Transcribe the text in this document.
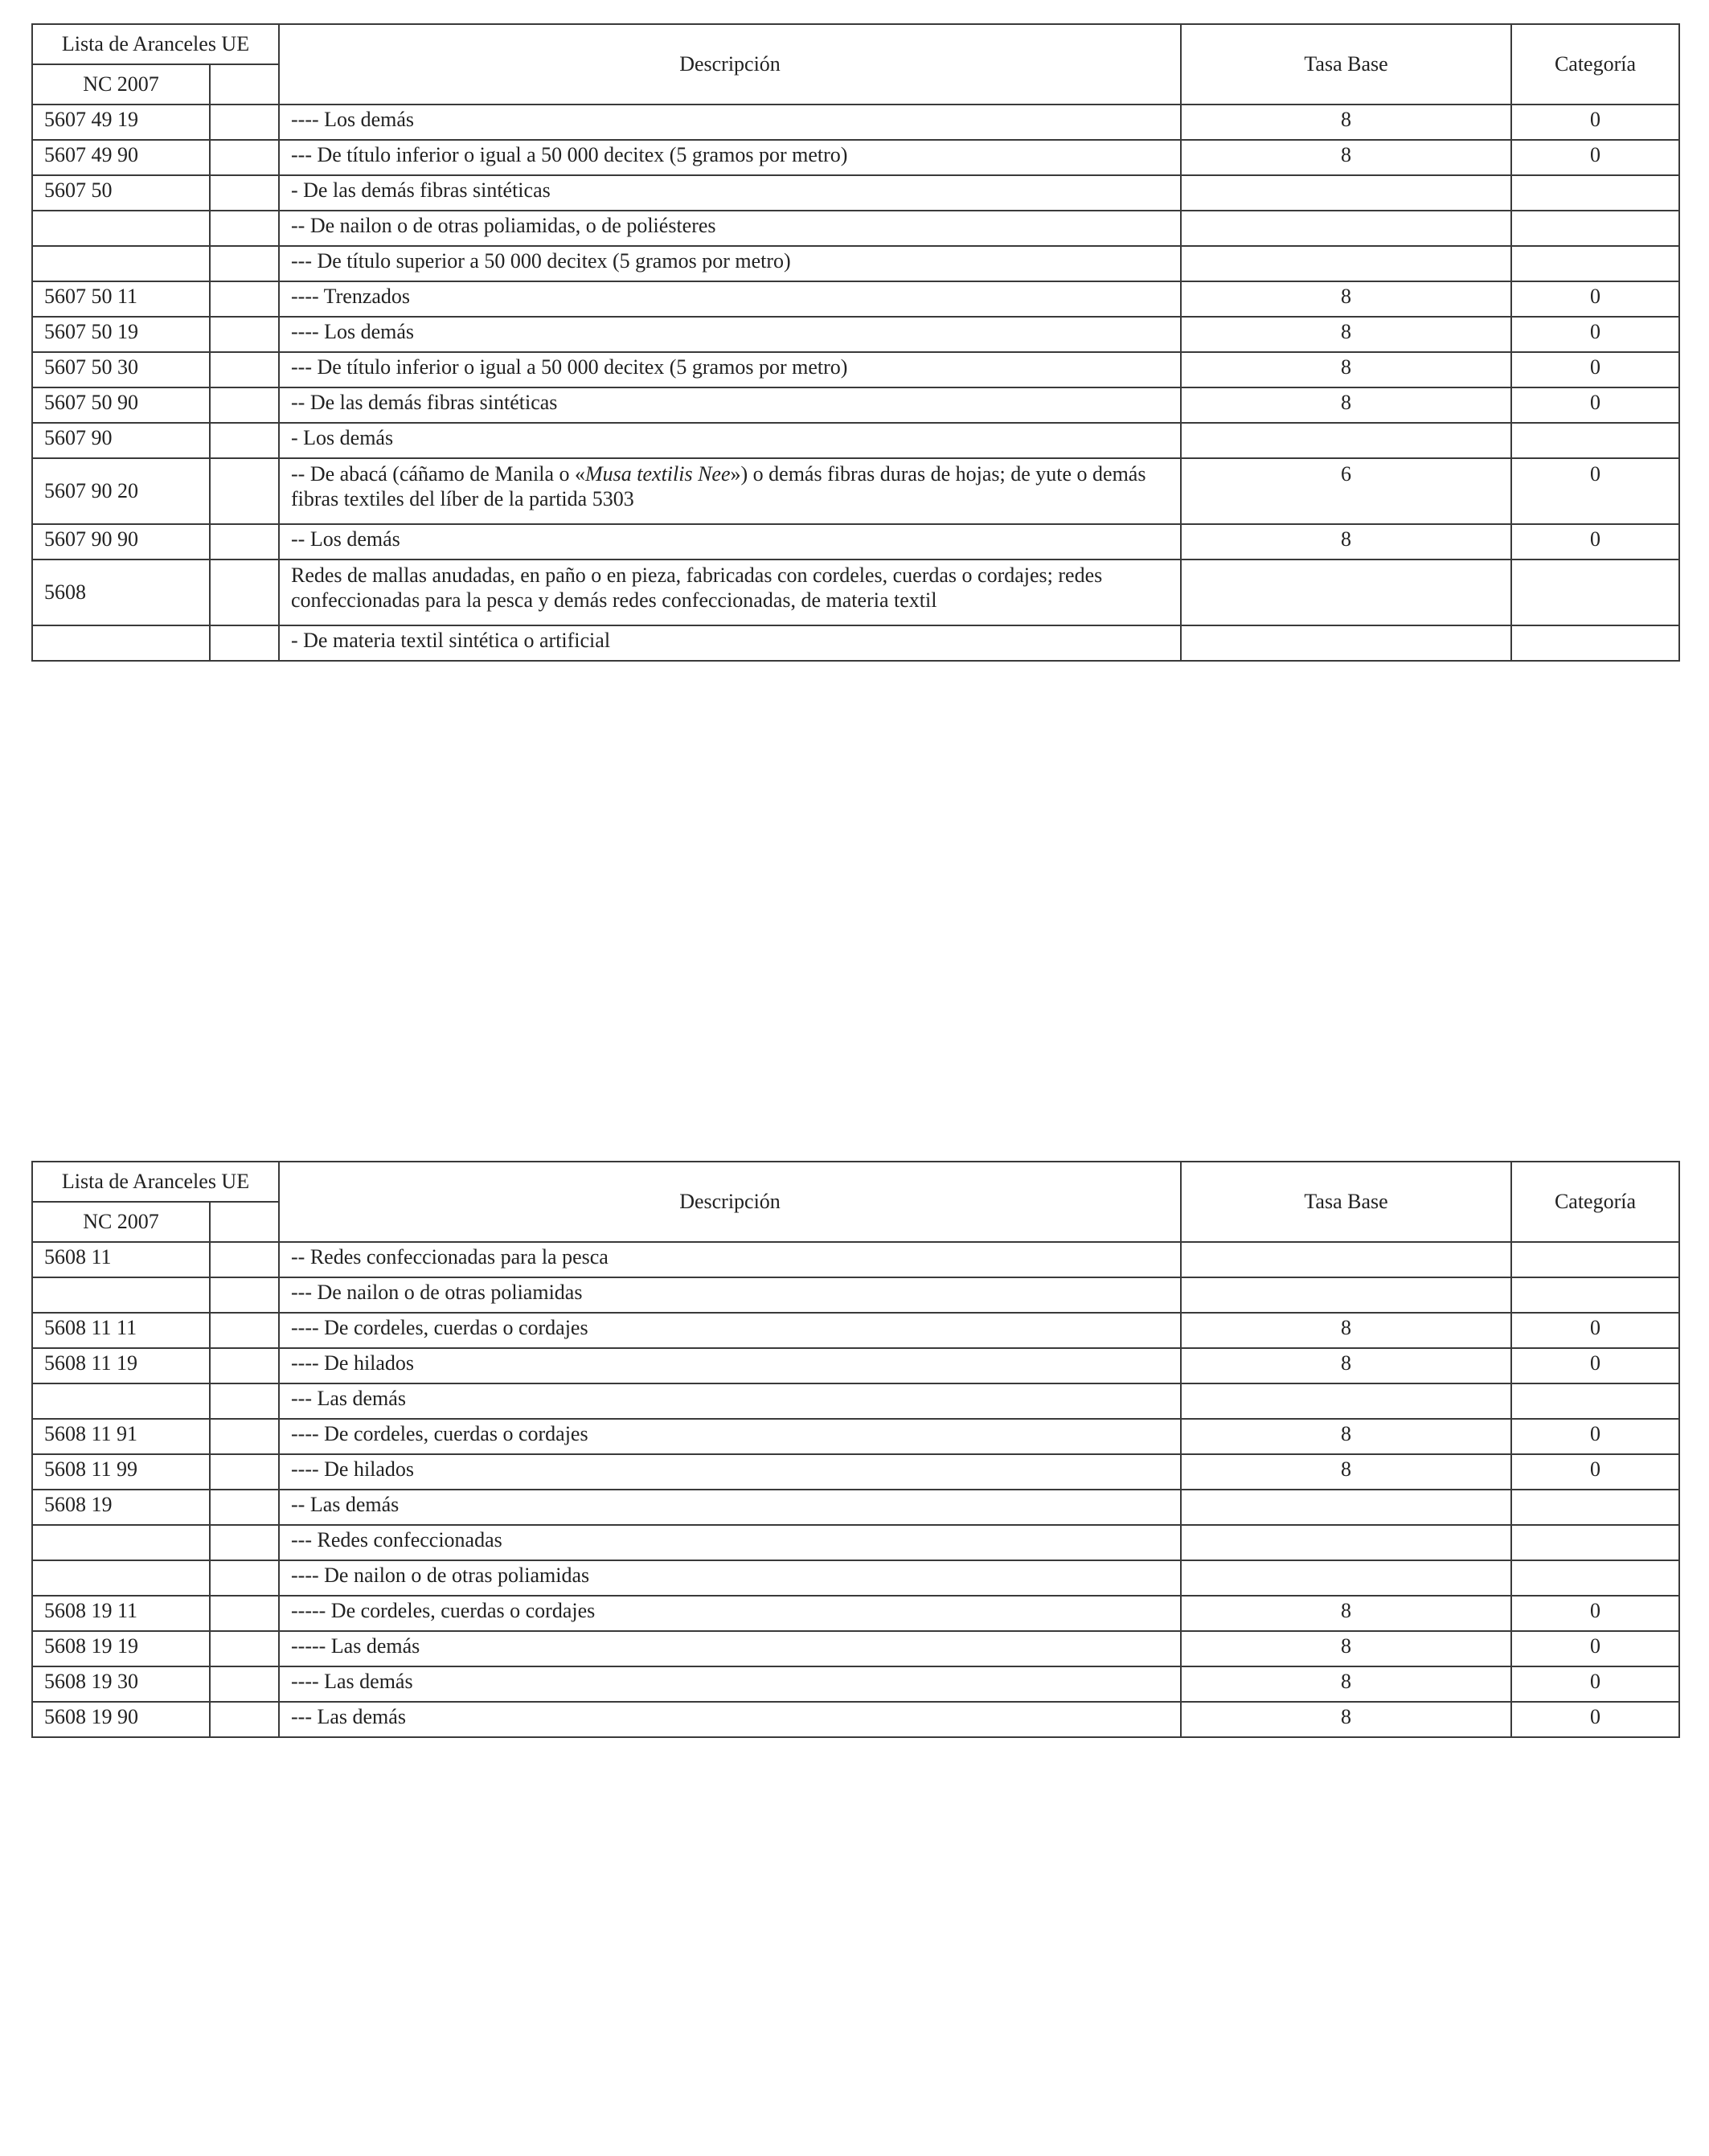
Lista de Aranceles UE		Descripción	Tasa Base	Categoría
NC 2007				
5607 49 19		---- Los demás	8	0
5607 49 90		--- De título inferior o igual a 50 000 decitex (5 gramos por metro)	8	0
5607 50		- De las demás fibras sintéticas		
		-- De nailon o de otras poliamidas, o de poliésteres		
		--- De título superior a 50 000 decitex (5 gramos por metro)		
5607 50 11		---- Trenzados	8	0
5607 50 19		---- Los demás	8	0
5607 50 30		--- De título inferior o igual a 50 000 decitex (5 gramos por metro)	8	0
5607 50 90		-- De las demás fibras sintéticas	8	0
5607 90		- Los demás		
5607 90 20		-- De abacá (cáñamo de Manila o «Musa textilis Nee») o demás fibras duras de hojas; de yute o demás fibras textiles del líber de la partida 5303	6	0
5607 90 90		-- Los demás	8	0
5608		Redes de mallas anudadas, en paño o en pieza, fabricadas con cordeles, cuerdas o cordajes; redes confeccionadas para la pesca y demás redes confeccionadas, de materia textil		
		- De materia textil sintética o artificial		
Lista de Aranceles UE		Descripción	Tasa Base	Categoría
NC 2007				
5608 11		-- Redes confeccionadas para la pesca		
		--- De nailon o de otras poliamidas		
5608 11 11		---- De cordeles, cuerdas o cordajes	8	0
5608 11 19		---- De hilados	8	0
		--- Las demás		
5608 11 91		---- De cordeles, cuerdas o cordajes	8	0
5608 11 99		---- De hilados	8	0
5608 19		-- Las demás		
		--- Redes confeccionadas		
		---- De nailon o de otras poliamidas		
5608 19 11		----- De cordeles, cuerdas o cordajes	8	0
5608 19 19		----- Las demás	8	0
5608 19 30		---- Las demás	8	0
5608 19 90		--- Las demás	8	0
